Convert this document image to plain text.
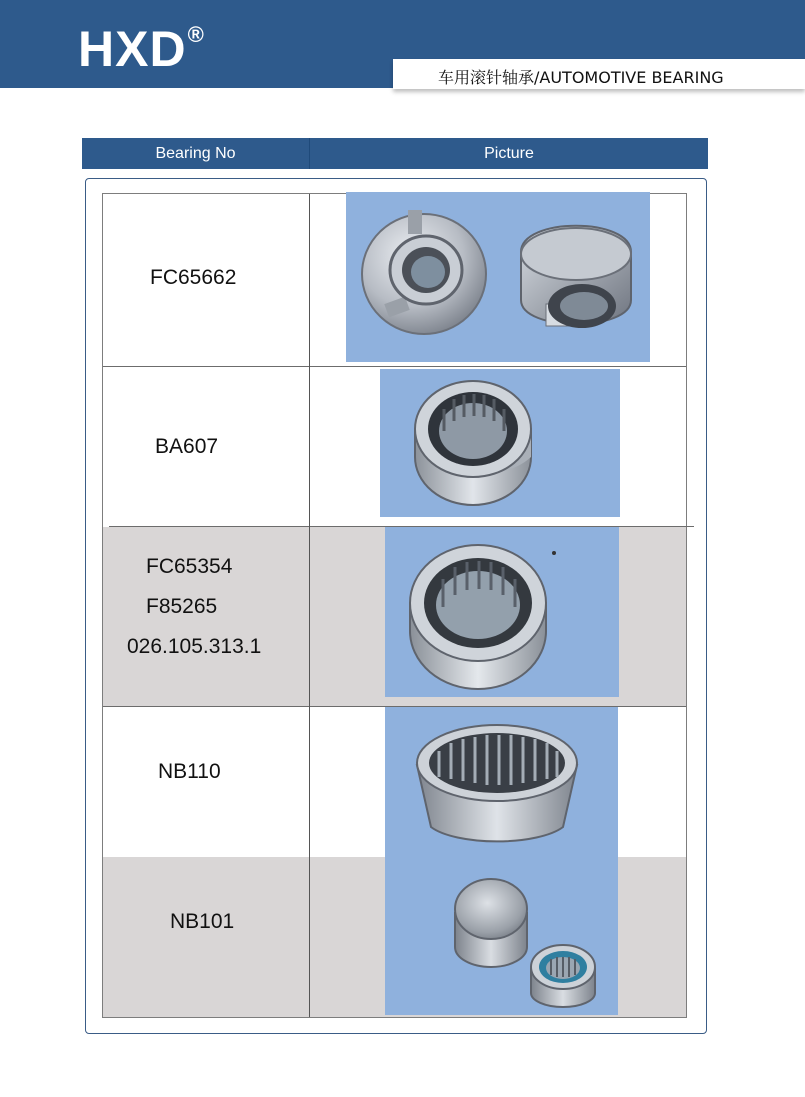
HXD®
车用滚针轴承/AUTOMOTIVE BEARING
Bearing No	Picture
FC65662
BA607
FC65354
F85265
026.105.313.1
NB110
NB101
